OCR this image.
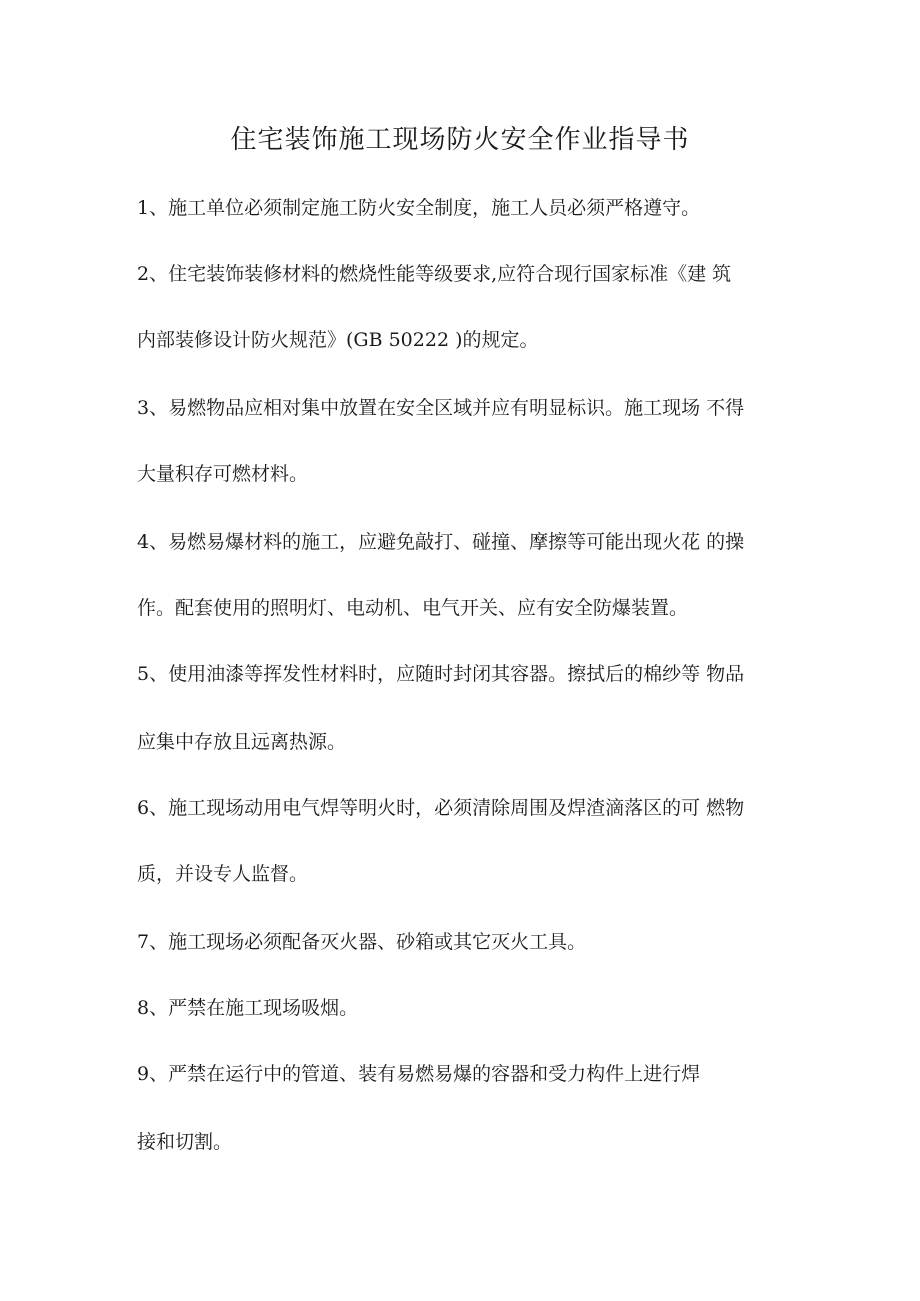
住宅装饰施工现场防火安全作业指导书
1、施工单位必须制定施工防火安全制度，施工人员必须严格遵守。
2、住宅装饰装修材料的燃烧性能等级要求,应符合现行国家标准《建 筑
内部装修设计防火规范》(GB 50222 )的规定。
3、易燃物品应相对集中放置在安全区域并应有明显标识。施工现场 不得
大量积存可燃材料。
4、易燃易爆材料的施工，应避免敲打、碰撞、摩擦等可能出现火花 的操
作。配套使用的照明灯、电动机、电气开关、应有安全防爆装置。
5、使用油漆等挥发性材料时，应随时封闭其容器。擦拭后的棉纱等 物品
应集中存放且远离热源。
6、施工现场动用电气焊等明火时，必须清除周围及焊渣滴落区的可 燃物
质，并设专人监督。
7、施工现场必须配备灭火器、砂箱或其它灭火工具。
8、严禁在施工现场吸烟。
9、严禁在运行中的管道、装有易燃易爆的容器和受力构件上进行焊
接和切割。
